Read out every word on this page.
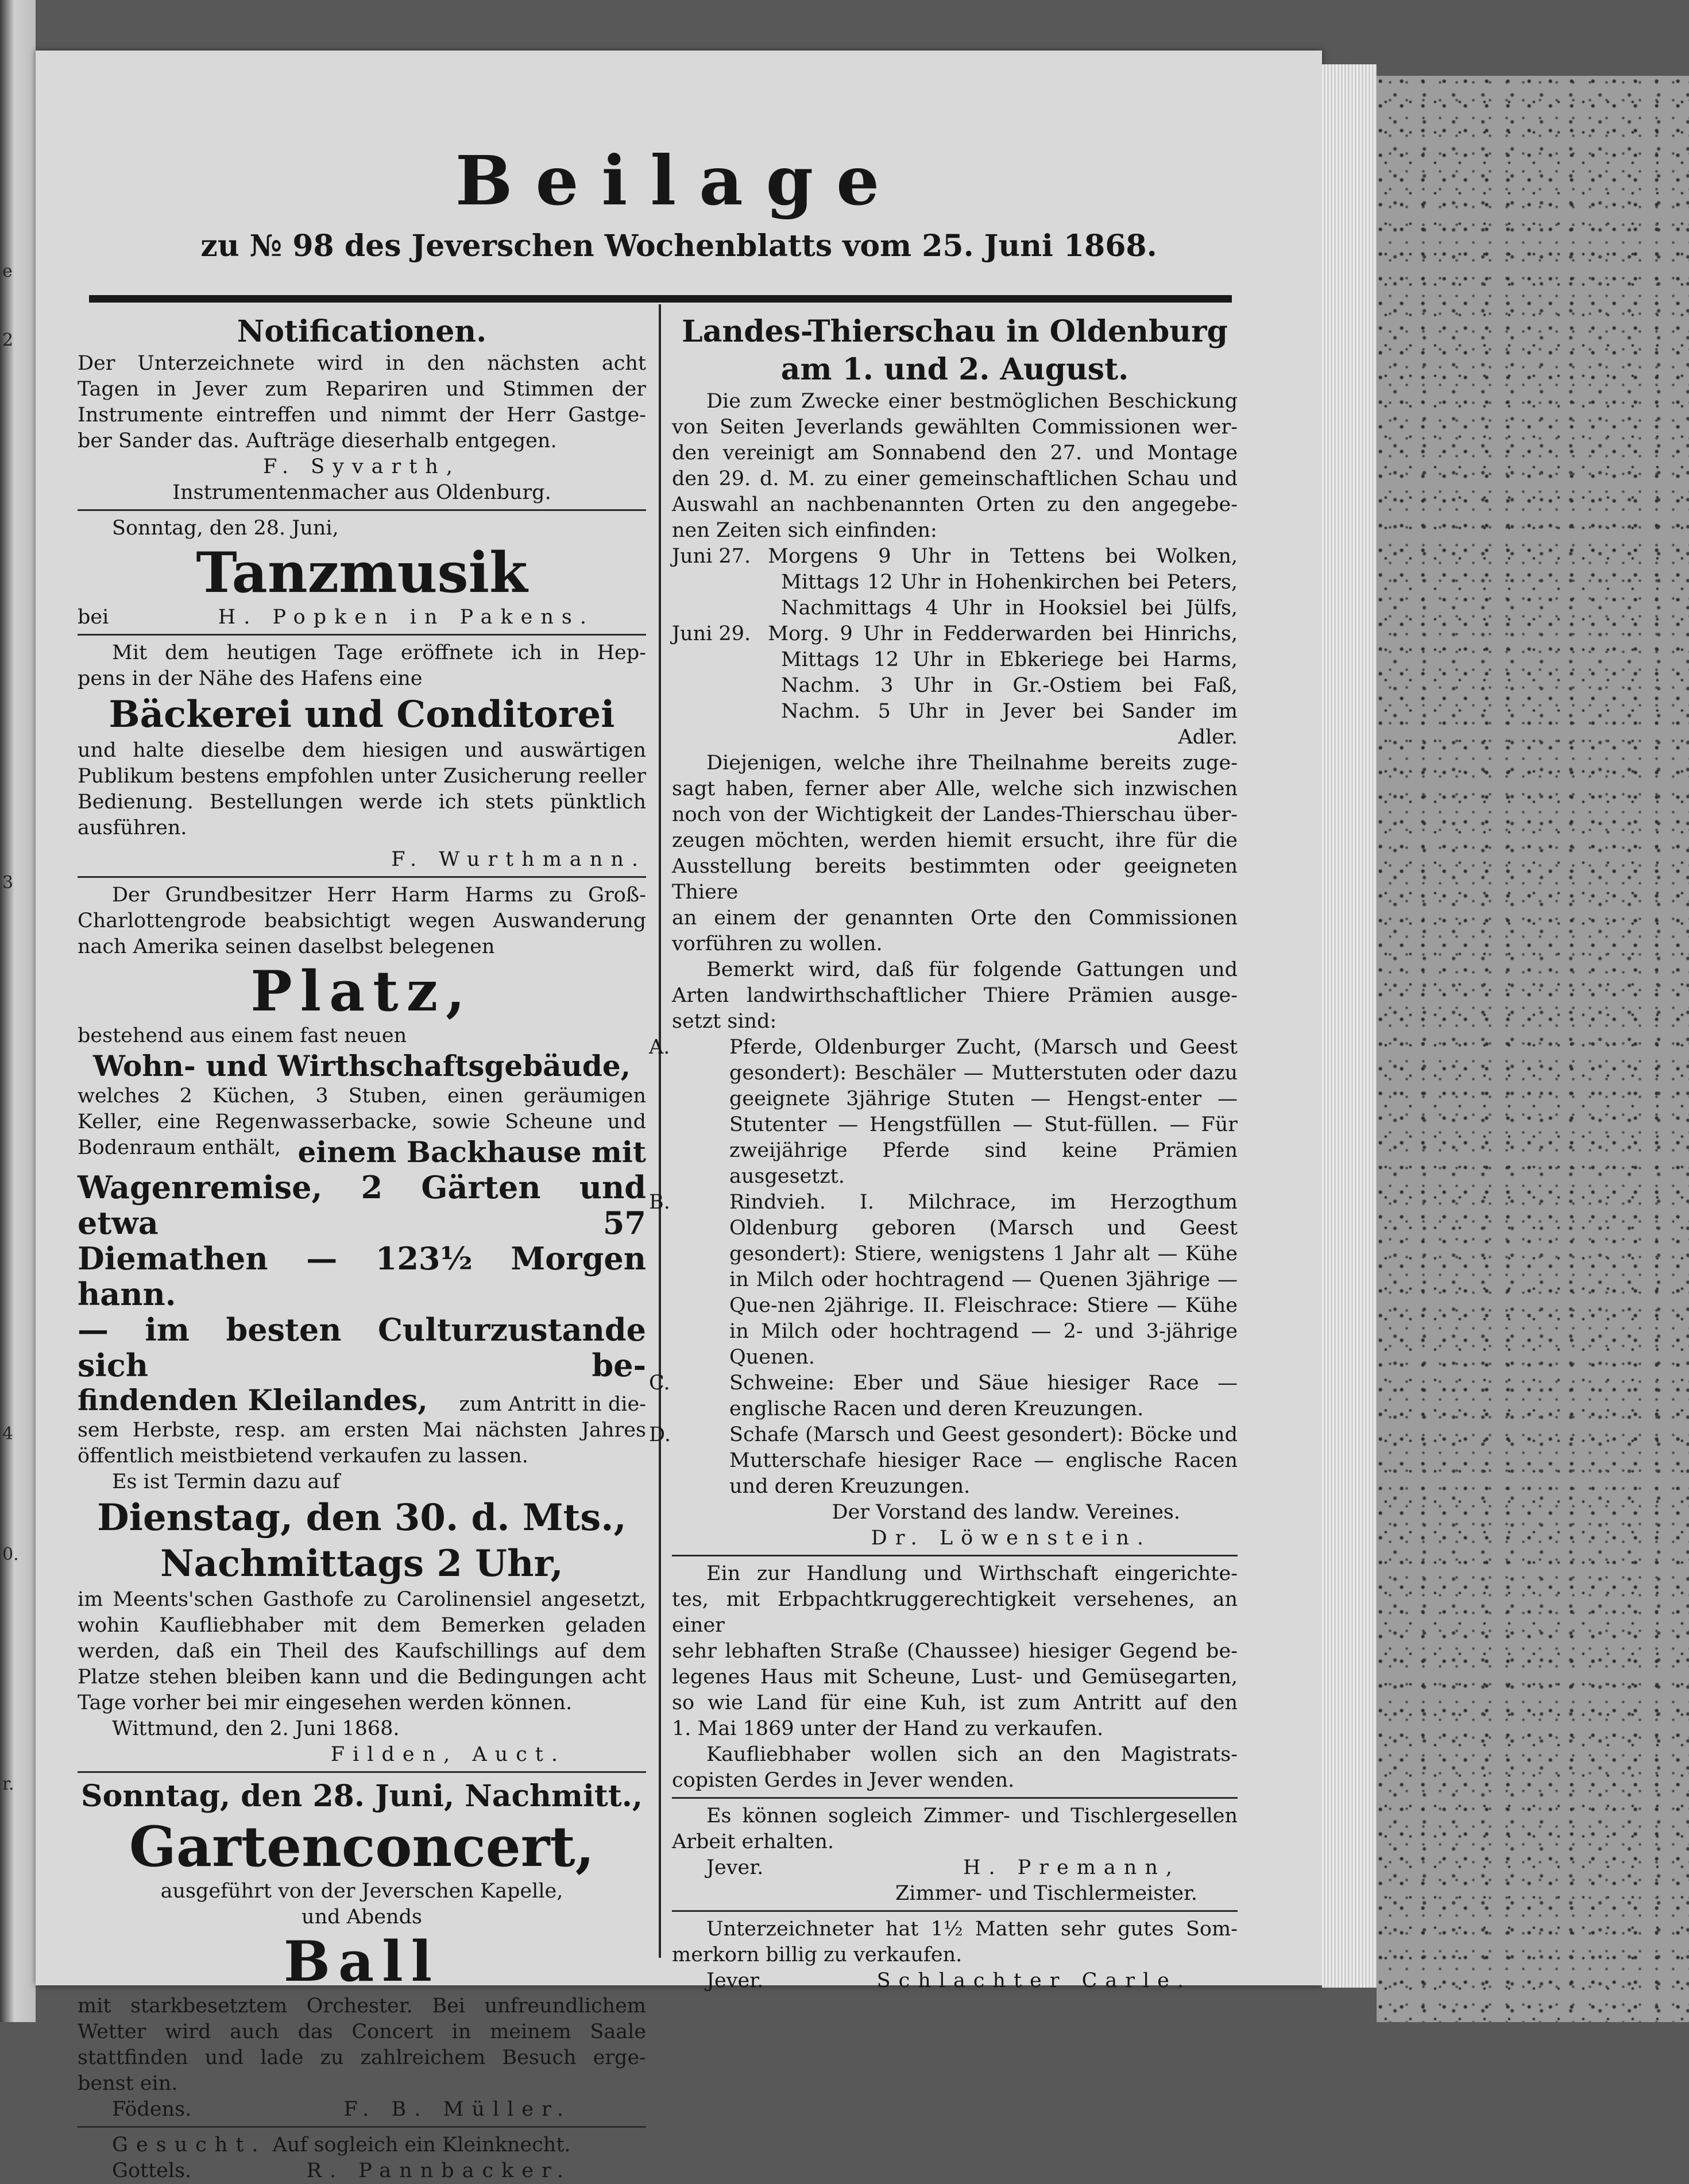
e
2
3
4
0.
r.
Beilage
zu № 98 des Jeverschen Wochenblatts vom 25. Juni 1868.
Notificationen.
Der Unterzeichnete wird in den nächsten acht
Tagen in Jever zum Repariren und Stimmen der
Instrumente eintreffen und nimmt der Herr Gastge-
ber Sander das. Aufträge dieserhalb entgegen.
F. Syvarth,
Instrumentenmacher aus Oldenburg.
Sonntag, den 28. Juni,
Tanzmusik
bei	H. Popken in Pakens.
Mit dem heutigen Tage eröffnete ich in Hep-
pens in der Nähe des Hafens eine
Bäckerei und Conditorei
und halte dieselbe dem hiesigen und auswärtigen
Publikum bestens empfohlen unter Zusicherung reeller
Bedienung. Bestellungen werde ich stets pünktlich
ausführen.
F. Wurthmann.
Der Grundbesitzer Herr Harm Harms zu Groß-
Charlottengrode beabsichtigt wegen Auswanderung
nach Amerika seinen daselbst belegenen
Platz,
bestehend aus einem fast neuen
Wohn- und Wirthschaftsgebäude,
welches 2 Küchen, 3 Stuben, einen geräumigen
Keller, eine Regenwasserbacke, sowie Scheune und
Bodenraum enthält, einem Backhause mit
Wagenremise, 2 Gärten und etwa 57
Diemathen — 123½ Morgen hann.
— im besten Culturzustande sich be-
findenden Kleilandes, zum Antritt in die-
sem Herbste, resp. am ersten Mai nächsten Jahres
öffentlich meistbietend verkaufen zu lassen.
Es ist Termin dazu auf
Dienstag, den 30. d. Mts.,
Nachmittags 2 Uhr,
im Meents'schen Gasthofe zu Carolinensiel angesetzt,
wohin Kaufliebhaber mit dem Bemerken geladen
werden, daß ein Theil des Kaufschillings auf dem
Platze stehen bleiben kann und die Bedingungen acht
Tage vorher bei mir eingesehen werden können.
Wittmund, den 2. Juni 1868.
Filden, Auct.
Sonntag, den 28. Juni, Nachmitt.,
Gartenconcert,
ausgeführt von der Jeverschen Kapelle,
und Abends
Ball
mit starkbesetztem Orchester. Bei unfreundlichem
Wetter wird auch das Concert in meinem Saale
stattfinden und lade zu zahlreichem Besuch erge-
benst ein.
Födens.	F. B. Müller.
Gesucht. Auf sogleich ein Kleinknecht.
Gottels.	R. Pannbacker.
Landes-Thierschau in Oldenburg
am 1. und 2. August.
Die zum Zwecke einer bestmöglichen Beschickung
von Seiten Jeverlands gewählten Commissionen wer-
den vereinigt am Sonnabend den 27. und Montage
den 29. d. M. zu einer gemeinschaftlichen Schau und
Auswahl an nachbenannten Orten zu den angegebe-
nen Zeiten sich einfinden:
Juni 27. Morgens 9 Uhr in Tettens bei Wolken,
Mittags 12 Uhr in Hohenkirchen bei Peters,
Nachmittags 4 Uhr in Hooksiel bei Jülfs,
Juni 29. Morg. 9 Uhr in Fedderwarden bei Hinrichs,
Mittags 12 Uhr in Ebkeriege bei Harms,
Nachm. 3 Uhr in Gr.-Ostiem bei Faß,
Nachm. 5 Uhr in Jever bei Sander im
Adler.
Diejenigen, welche ihre Theilnahme bereits zuge-
sagt haben, ferner aber Alle, welche sich inzwischen
noch von der Wichtigkeit der Landes-Thierschau über-
zeugen möchten, werden hiemit ersucht, ihre für die
Ausstellung bereits bestimmten oder geeigneten Thiere
an einem der genannten Orte den Commissionen
vorführen zu wollen.
Bemerkt wird, daß für folgende Gattungen und
Arten landwirthschaftlicher Thiere Prämien ausge-
setzt sind:
A.	Pferde, Oldenburger Zucht, (Marsch und Geest gesondert): Beschäler — Mutterstuten oder dazu geeignete 3jährige Stuten — Hengst-enter — Stutenter — Hengstfüllen — Stut-füllen. — Für zweijährige Pferde sind keine Prämien ausgesetzt.
B.	Rindvieh. I. Milchrace, im Herzogthum Oldenburg geboren (Marsch und Geest gesondert): Stiere, wenigstens 1 Jahr alt — Kühe in Milch oder hochtragend — Quenen 3jährige — Que-nen 2jährige. II. Fleischrace: Stiere — Kühe in Milch oder hochtragend — 2- und 3-jährige Quenen.
C.	Schweine: Eber und Säue hiesiger Race — englische Racen und deren Kreuzungen.
D.	Schafe (Marsch und Geest gesondert): Böcke und Mutterschafe hiesiger Race — englische Racen und deren Kreuzungen.
Der Vorstand des landw. Vereines.
Dr. Löwenstein.
Ein zur Handlung und Wirthschaft eingerichte-
tes, mit Erbpachtkruggerechtigkeit versehenes, an einer
sehr lebhaften Straße (Chaussee) hiesiger Gegend be-
legenes Haus mit Scheune, Lust- und Gemüsegarten,
so wie Land für eine Kuh, ist zum Antritt auf den
1. Mai 1869 unter der Hand zu verkaufen.
Kaufliebhaber wollen sich an den Magistrats-
copisten Gerdes in Jever wenden.
Es können sogleich Zimmer- und Tischlergesellen
Arbeit erhalten.
Jever.	H. Premann,
Zimmer- und Tischlermeister.
Unterzeichneter hat 1½ Matten sehr gutes Som-
merkorn billig zu verkaufen.
Jever.	Schlachter Carle.
